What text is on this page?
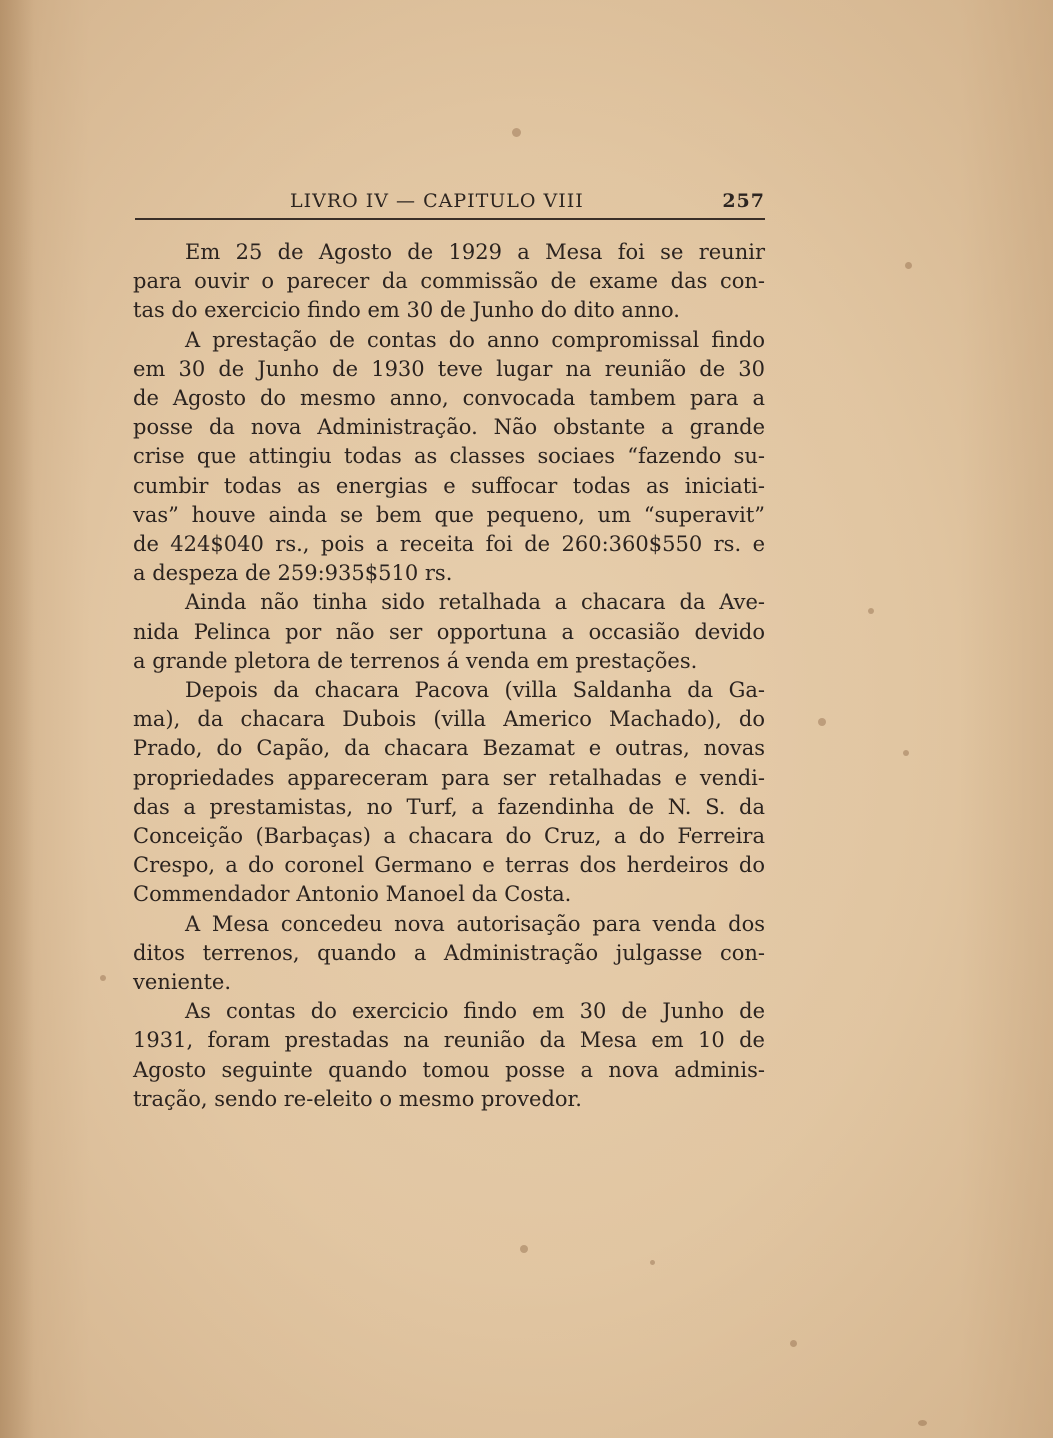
LIVRO IV — CAPITULO VIII	257
Em 25 de Agosto de 1929 a Mesa foi se reunir
para ouvir o parecer da commissão de exame das con-
tas do exercicio findo em 30 de Junho do dito anno.
A prestação de contas do anno compromissal findo
em 30 de Junho de 1930 teve lugar na reunião de 30
de Agosto do mesmo anno, convocada tambem para a
posse da nova Administração. Não obstante a grande
crise que attingiu todas as classes sociaes “fazendo su-
cumbir todas as energias e suffocar todas as iniciati-
vas” houve ainda se bem que pequeno, um “superavit”
de 424$040 rs., pois a receita foi de 260:360$550 rs. e
a despeza de 259:935$510 rs.
Ainda não tinha sido retalhada a chacara da Ave-
nida Pelinca por não ser opportuna a occasião devido
a grande pletora de terrenos á venda em prestações.
Depois da chacara Pacova (villa Saldanha da Ga-
ma), da chacara Dubois (villa Americo Machado), do
Prado, do Capão, da chacara Bezamat e outras, novas
propriedades appareceram para ser retalhadas e vendi-
das a prestamistas, no Turf, a fazendinha de N. S. da
Conceição (Barbaças) a chacara do Cruz, a do Ferreira
Crespo, a do coronel Germano e terras dos herdeiros do
Commendador Antonio Manoel da Costa.
A Mesa concedeu nova autorisação para venda dos
ditos terrenos, quando a Administração julgasse con-
veniente.
As contas do exercicio findo em 30 de Junho de
1931, foram prestadas na reunião da Mesa em 10 de
Agosto seguinte quando tomou posse a nova adminis-
tração, sendo re-eleito o mesmo provedor.
